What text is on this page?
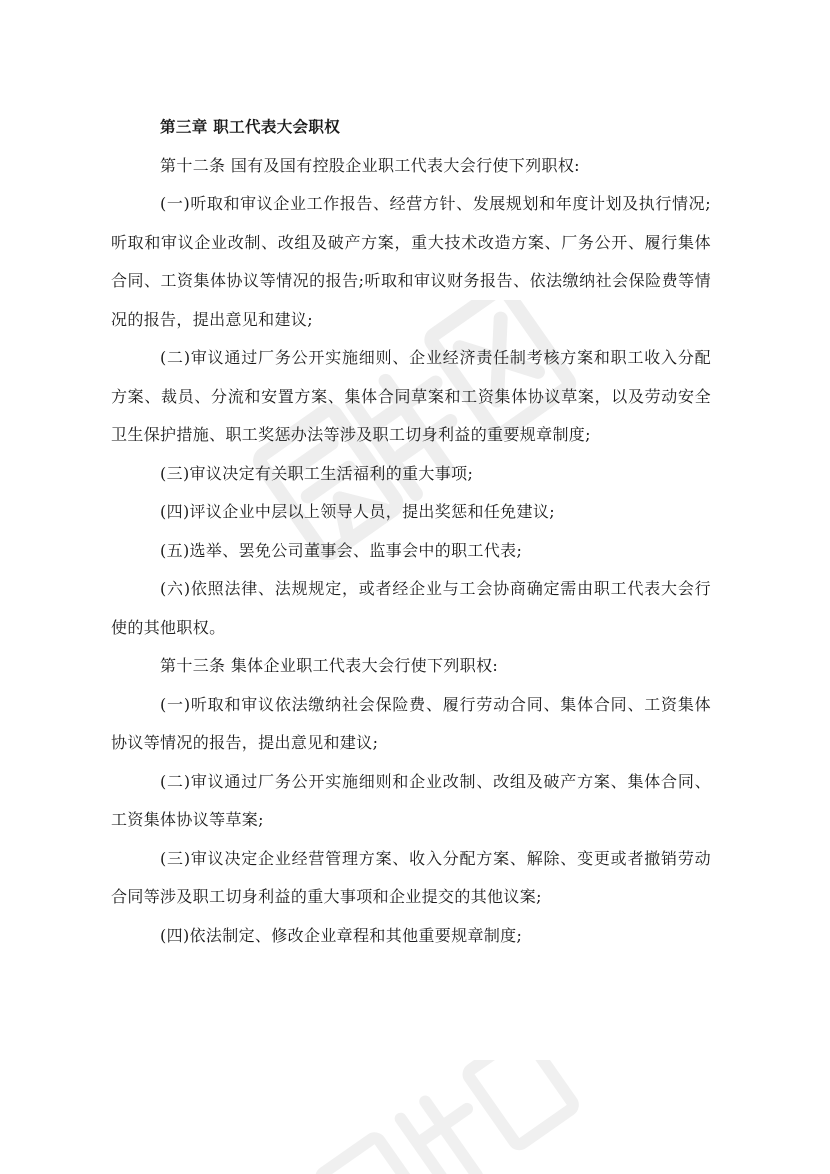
第三章 职工代表大会职权

第十二条 国有及国有控股企业职工代表大会行使下列职权:

(一)听取和审议企业工作报告、经营方针、发展规划和年度计划及执行情况;听取和审议企业改制、改组及破产方案，重大技术改造方案、厂务公开、履行集体合同、工资集体协议等情况的报告;听取和审议财务报告、依法缴纳社会保险费等情况的报告，提出意见和建议;

(二)审议通过厂务公开实施细则、企业经济责任制考核方案和职工收入分配方案、裁员、分流和安置方案、集体合同草案和工资集体协议草案，以及劳动安全卫生保护措施、职工奖惩办法等涉及职工切身利益的重要规章制度;

(三)审议决定有关职工生活福利的重大事项;

(四)评议企业中层以上领导人员，提出奖惩和任免建议;

(五)选举、罢免公司董事会、监事会中的职工代表;

(六)依照法律、法规规定，或者经企业与工会协商确定需由职工代表大会行使的其他职权。

第十三条 集体企业职工代表大会行使下列职权:

(一)听取和审议依法缴纳社会保险费、履行劳动合同、集体合同、工资集体协议等情况的报告，提出意见和建议;

(二)审议通过厂务公开实施细则和企业改制、改组及破产方案、集体合同、工资集体协议等草案;

(三)审议决定企业经营管理方案、收入分配方案、解除、变更或者撤销劳动合同等涉及职工切身利益的重大事项和企业提交的其他议案;

(四)依法制定、修改企业章程和其他重要规章制度;
